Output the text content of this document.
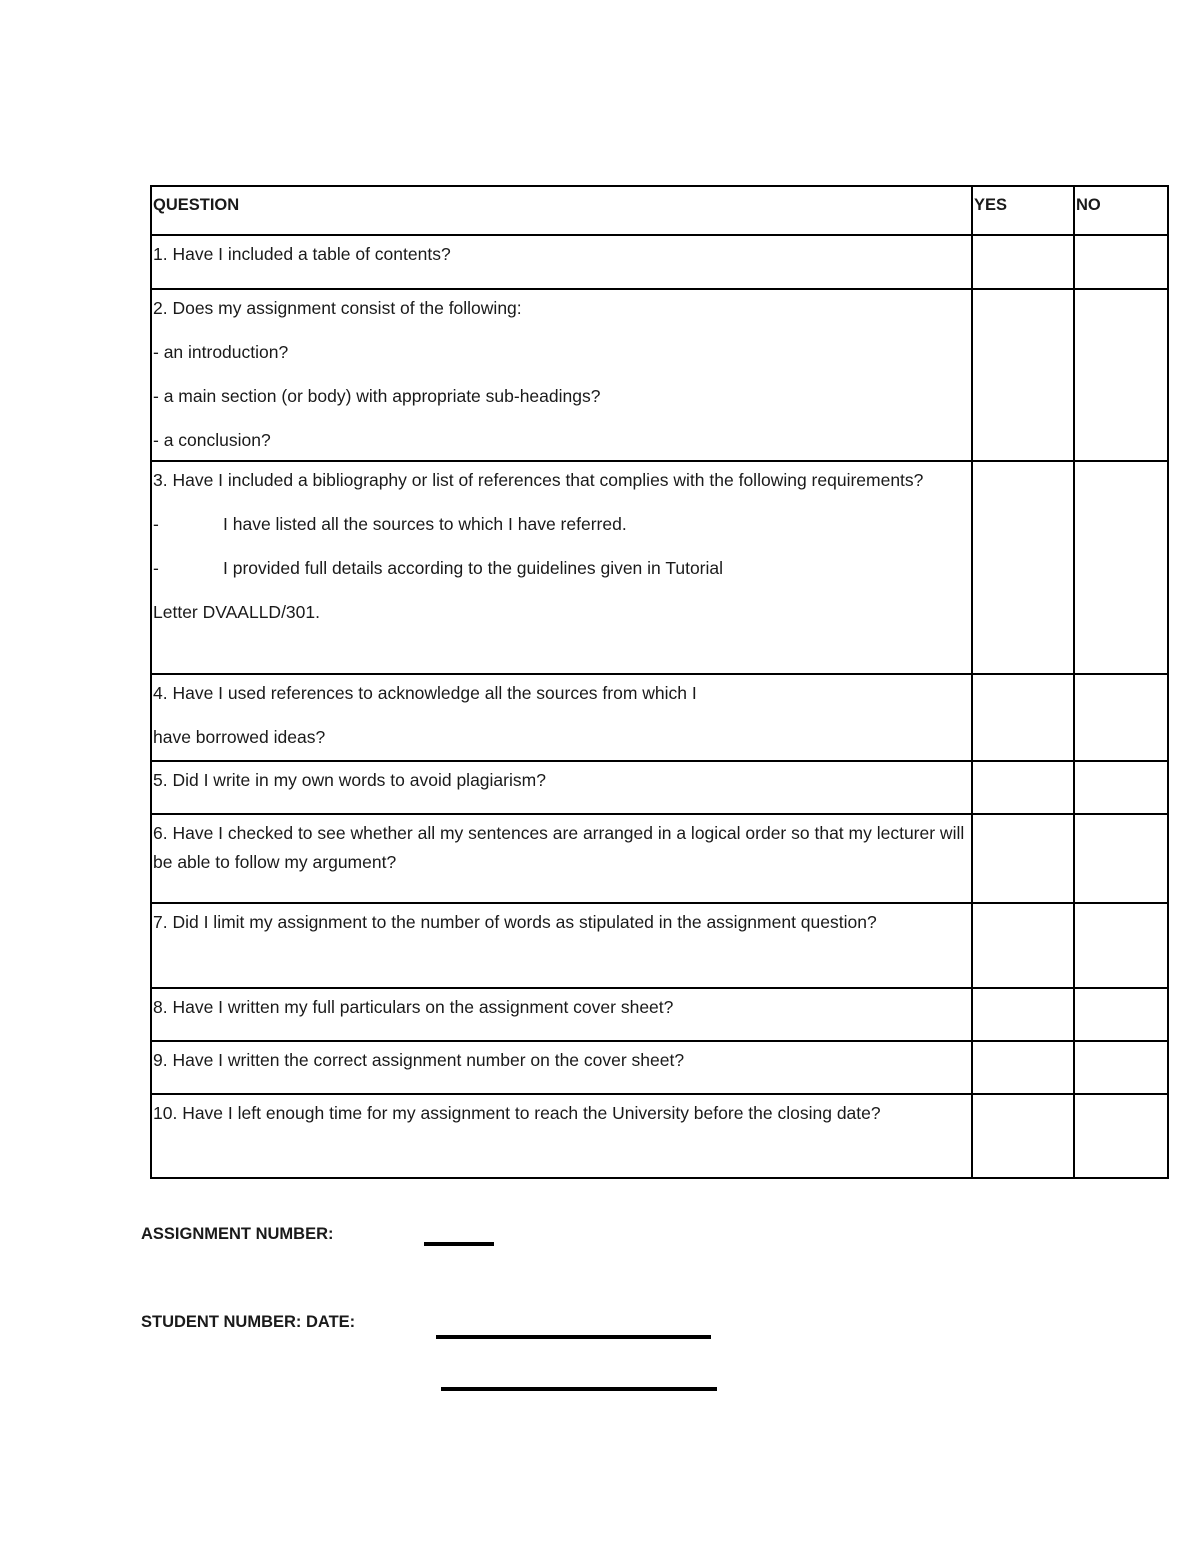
QUESTION	YES	NO

1. Have I included a table of contents?		

2. Does my assignment consist of the following:
- an introduction?
- a main section (or body) with appropriate sub-headings?
- a conclusion?		

3. Have I included a bibliography or list of references that complies with the following requirements?
- I have listed all the sources to which I have referred.
- I provided full details according to the guidelines given in Tutorial
Letter DVAALLD/301.		

4. Have I used references to acknowledge all the sources from which I
have borrowed ideas?		

5. Did I write in my own words to avoid plagiarism?		

6. Have I checked to see whether all my sentences are arranged in a logical order so that my lecturer will be able to follow my argument?		

7. Did I limit my assignment to the number of words as stipulated in the assignment question?		

8. Have I written my full particulars on the assignment cover sheet?		

9. Have I written the correct assignment number on the cover sheet?		

10. Have I left enough time for my assignment to reach the University before the closing date?		

ASSIGNMENT NUMBER:
STUDENT NUMBER: DATE:
